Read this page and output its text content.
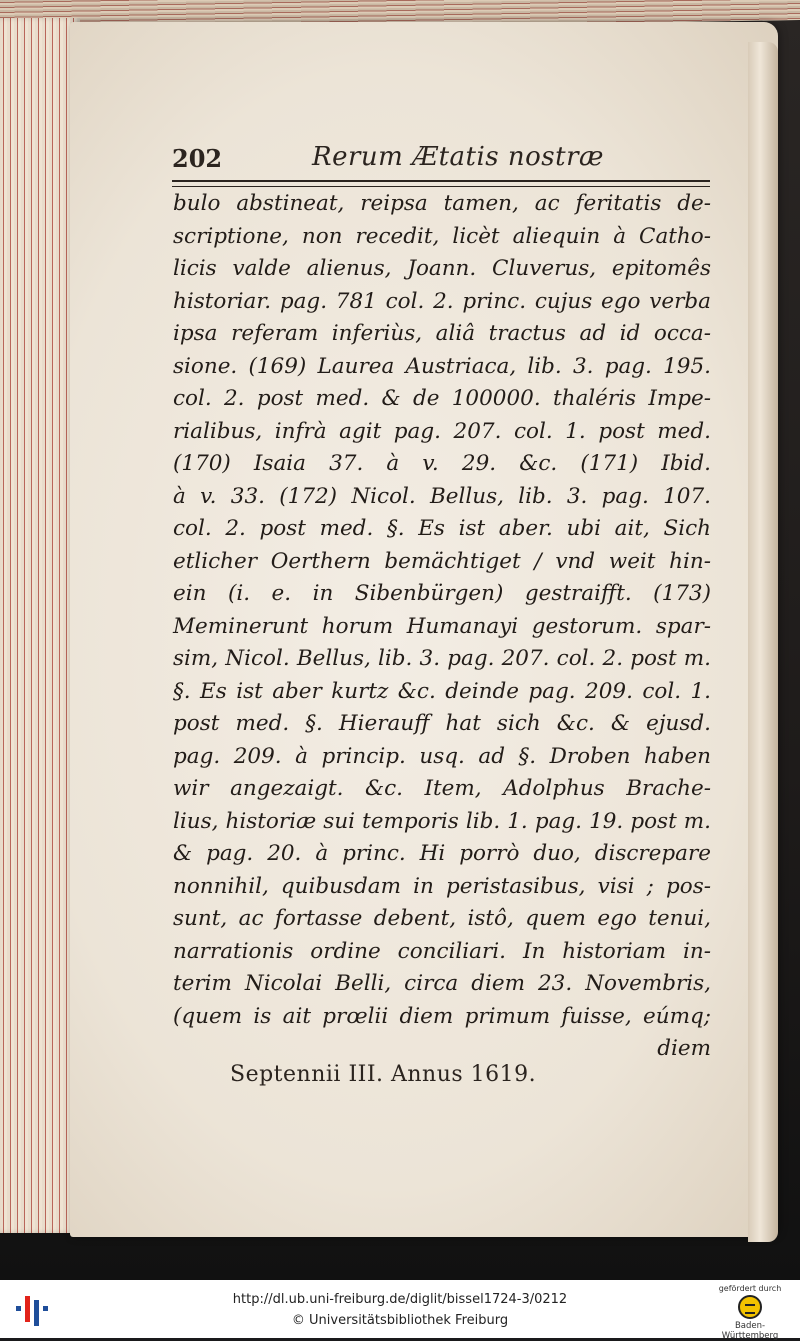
202	Rerum Ætatis nostræ
bulo abstineat, reipsa tamen, ac feritatis de-
scriptione, non recedit, licèt aliequin à Catho-
licis valde alienus, Joann. Cluverus, epitomês
historiar. pag. 781 col. 2. princ. cujus ego verba
ipsa referam inferiùs, aliâ tractus ad id occa-
sione. (169) Laurea Austriaca, lib. 3. pag. 195.
col. 2. post med. & de 100000. thaléris Impe-
rialibus, infrà agit pag. 207. col. 1. post med.
(170) Isaia 37. à v. 29. &c. (171) Ibid.
à v. 33. (172) Nicol. Bellus, lib. 3. pag. 107.
col. 2. post med. §. Es ist aber. ubi ait, Sich
etlicher Oerthern bemächtiget / vnd weit hin-
ein (i. e. in Sibenbürgen) gestraifft. (173)
Meminerunt horum Humanayi gestorum. spar-
sim, Nicol. Bellus, lib. 3. pag. 207. col. 2. post m.
§. Es ist aber kurtz &c. deinde pag. 209. col. 1.
post med. §. Hierauff hat sich &c. & ejusd.
pag. 209. à princip. usq. ad §. Droben haben
wir angezaigt. &c. Item, Adolphus Brache-
lius, historiæ sui temporis lib. 1. pag. 19. post m.
& pag. 20. à princ. Hi porrò duo, discrepare
nonnihil, quibusdam in peristasibus, visi ; pos-
sunt, ac fortasse debent, istô, quem ego tenui,
narrationis ordine conciliari. In historiam in-
terim Nicolai Belli, circa diem 23. Novembris,
(quem is ait prœlii diem primum fuisse, eúmq;
diem
Septennii III. Annus 1619.
http://dl.ub.uni-freiburg.de/diglit/bissel1724-3/0212
© Universitätsbibliothek Freiburg
gefördert durch
Baden-Württemberg
